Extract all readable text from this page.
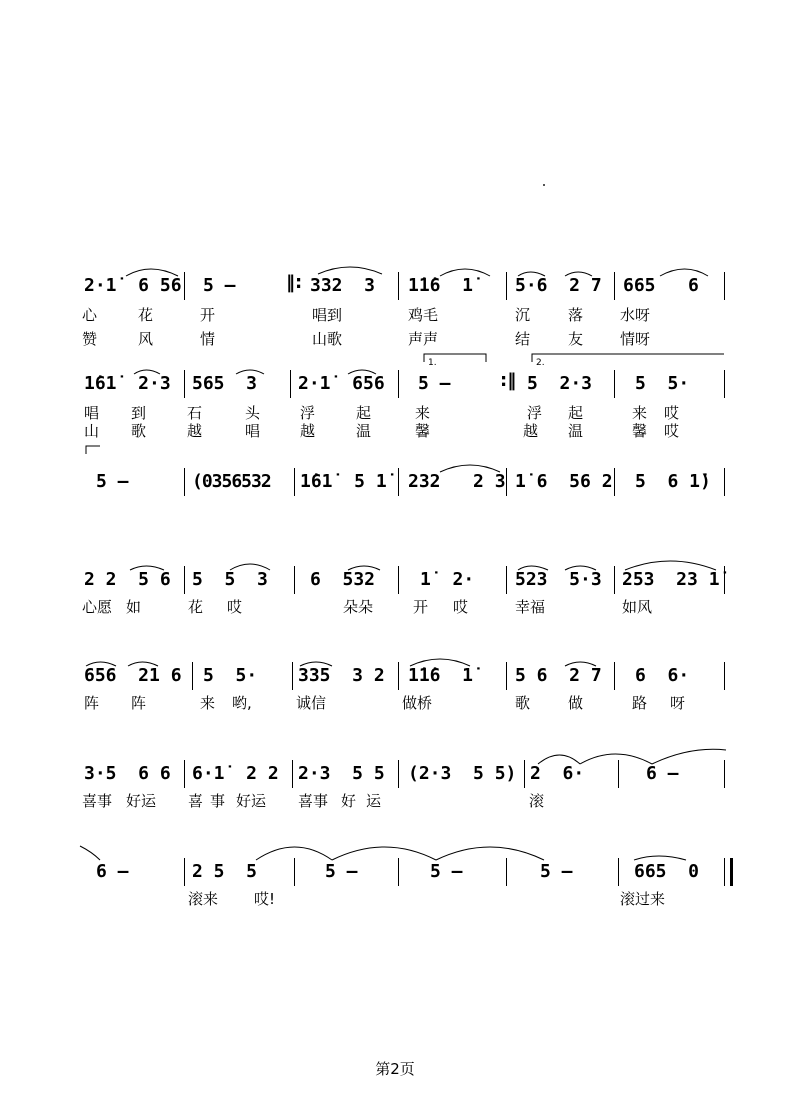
2·1̇  6 56 5 –	‖: 332  3 1̇1̇6  1̇ 5·6  2 7 665   6
心	花	开	唱到	鸡毛	沉	落 水呀
赞	风	情	山歌	声声	结	友 情呀
1.	2.
1̇61̇  2·3 565  3 2·1̇  656 5 –	:‖ 5  2·3 5  5·
唱 到	石	头	浮	起	来	浮 起	来 哎
山 歌	越	唱	越	温	馨	越 温	馨 哎
5 –	(0356532 1̇61̇  5 1̇ 232   2 3 1̇ 6  56 2 5  6 1̇)
2 2  5 6 5  5  3 6  532 1̇  2· 523  5·3 253  23 1̇
心愿 如	花 哎	朵朵	开 哎	幸福	如风
656  21 6 5  5· 335  3 2 1̇1̇6  1̇ 5 6  2 7 6  6·
阵 阵	来 哟,	诚信	做桥	歌	做	路 呀
3·5  6 6 6·1̇  2 2 2·3  5 5 (2·3  5 5) 2  6·	6 –
喜事 好运 喜 事 好运 喜事 好 运	滚
6 –	2 5  5	5 –	5 –	5 –	665  0
滚来 哎!	滚过来
第2页
